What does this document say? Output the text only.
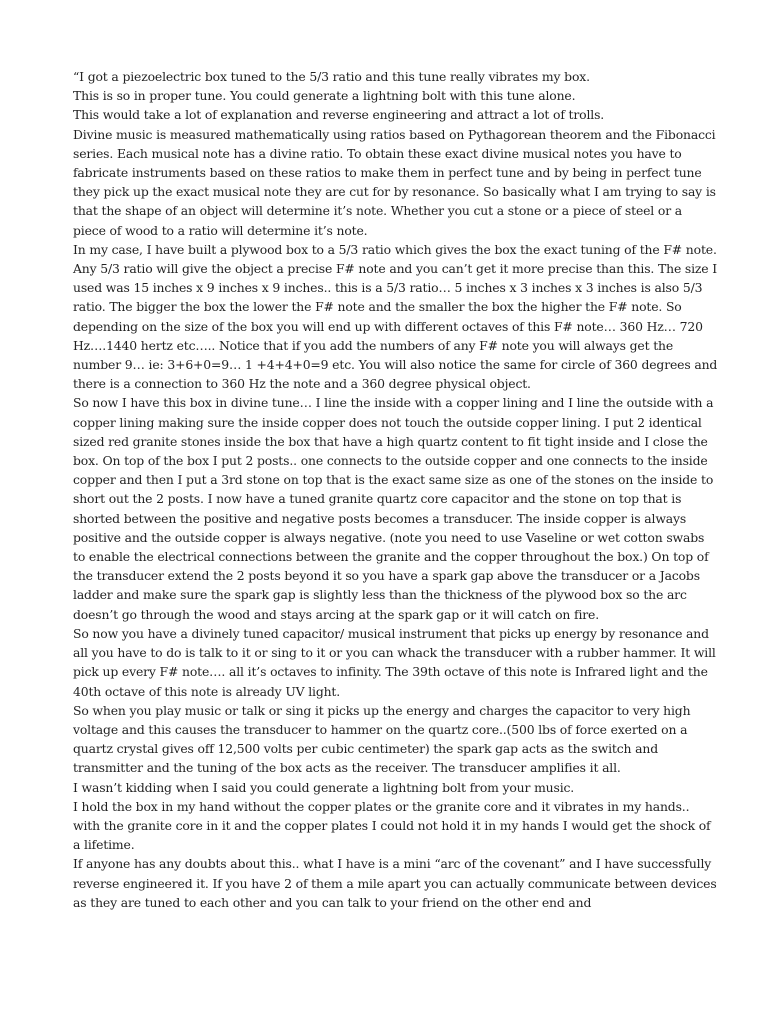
“I got a piezoelectric box tuned to the 5/3 ratio and this tune really vibrates my box.

This is so in proper tune. You could generate a lightning bolt with this tune alone.

This would take a lot of explanation and reverse engineering and attract a lot of trolls.

Divine music is measured mathematically using ratios based on Pythagorean theorem and the Fibonacci series. Each musical note has a divine ratio. To obtain these exact divine musical notes you have to fabricate instruments based on these ratios to make them in perfect tune and by being in perfect tune they pick up the exact musical note they are cut for by resonance. So basically what I am trying to say is that the shape of an object will determine it’s note. Whether you cut a stone or a piece of steel or a piece of wood to a ratio will determine it’s note.

In my case, I have built a plywood box to a 5/3 ratio which gives the box the exact tuning of the F# note. Any 5/3 ratio will give the object a precise F# note and you can’t get it more precise than this. The size I used was 15 inches x 9 inches x 9 inches.. this is a 5/3 ratio… 5 inches x 3 inches x 3 inches is also 5/3 ratio. The bigger the box the lower the F# note and the smaller the box the higher the F# note. So depending on the size of the box you will end up with different octaves of this F# note… 360 Hz… 720 Hz….1440 hertz etc….. Notice that if you add the numbers of any F# note you will always get the number 9… ie: 3+6+0=9… 1 +4+4+0=9 etc. You will also notice the same for circle of 360 degrees and there is a connection to 360 Hz the note and a 360 degree physical object.

So now I have this box in divine tune… I line the inside with a copper lining and I line the outside with a copper lining making sure the inside copper does not touch the outside copper lining. I put 2 identical sized red granite stones inside the box that have a high quartz content to fit tight inside and I close the box. On top of the box I put 2 posts.. one connects to the outside copper and one connects to the inside copper and then I put a 3rd stone on top that is the exact same size as one of the stones on the inside to short out the 2 posts. I now have a tuned granite quartz core capacitor and the stone on top that is shorted between the positive and negative posts becomes a transducer. The inside copper is always positive and the outside copper is always negative. (note you need to use Vaseline or wet cotton swabs to enable the electrical connections between the granite and the copper throughout the box.) On top of the transducer extend the 2 posts beyond it so you have a spark gap above the transducer or a Jacobs ladder and make sure the spark gap is slightly less than the thickness of the plywood box so the arc doesn’t go through the wood and stays arcing at the spark gap or it will catch on fire.

So now you have a divinely tuned capacitor/ musical instrument that picks up energy by resonance and all you have to do is talk to it or sing to it or you can whack the transducer with a rubber hammer. It will pick up every F# note…. all it’s octaves to infinity. The 39th octave of this note is Infrared light and the 40th octave of this note is already UV light.

So when you play music or talk or sing it picks up the energy and charges the capacitor to very high voltage and this causes the transducer to hammer on the quartz core..(500 lbs of force exerted on a quartz crystal gives off 12,500 volts per cubic centimeter) the spark gap acts as the switch and transmitter and the tuning of the box acts as the receiver. The transducer amplifies it all.

I wasn’t kidding when I said you could generate a lightning bolt from your music.

I hold the box in my hand without the copper plates or the granite core and it vibrates in my hands.. with the granite core in it and the copper plates I could not hold it in my hands I would get the shock of a lifetime.

If anyone has any doubts about this.. what I have is a mini “arc of the covenant” and I have successfully reverse engineered it. If you have 2 of them a mile apart you can actually communicate between devices as they are tuned to each other and you can talk to your friend on the other end and
